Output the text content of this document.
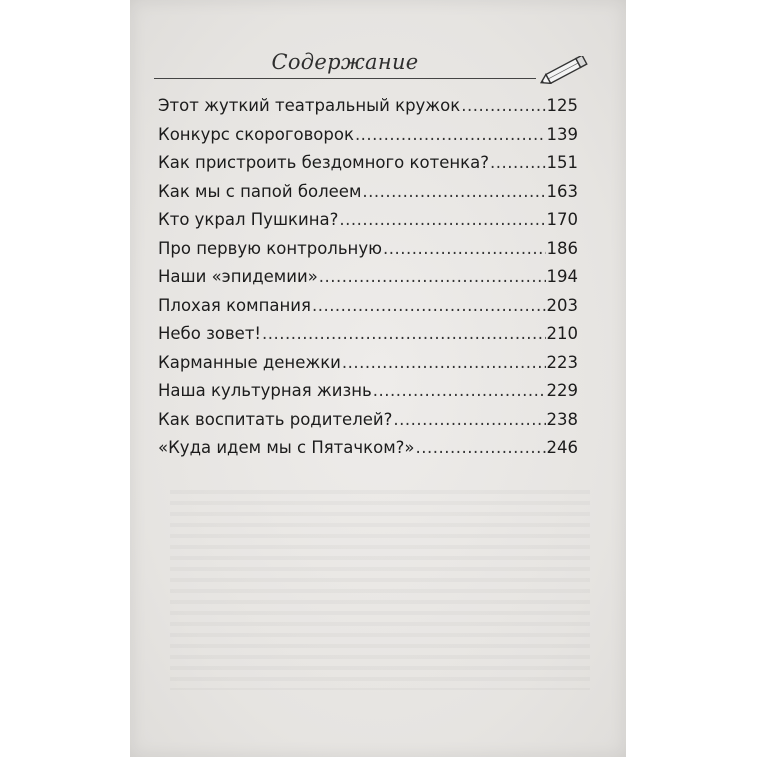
Содержание
Этот жуткий театральный кружок .....	125
Конкурс скороговорок .....	139
Как пристроить бездомного котенка? .....	151
Как мы с папой болеем .....	163
Кто украл Пушкина? .....	170
Про первую контрольную .....	186
Наши «эпидемии» .....	194
Плохая компания .....	203
Небо зовет! .....	210
Карманные денежки .....	223
Наша культурная жизнь .....	229
Как воспитать родителей? .....	238
«Куда идем мы с Пятачком?» .....	246
